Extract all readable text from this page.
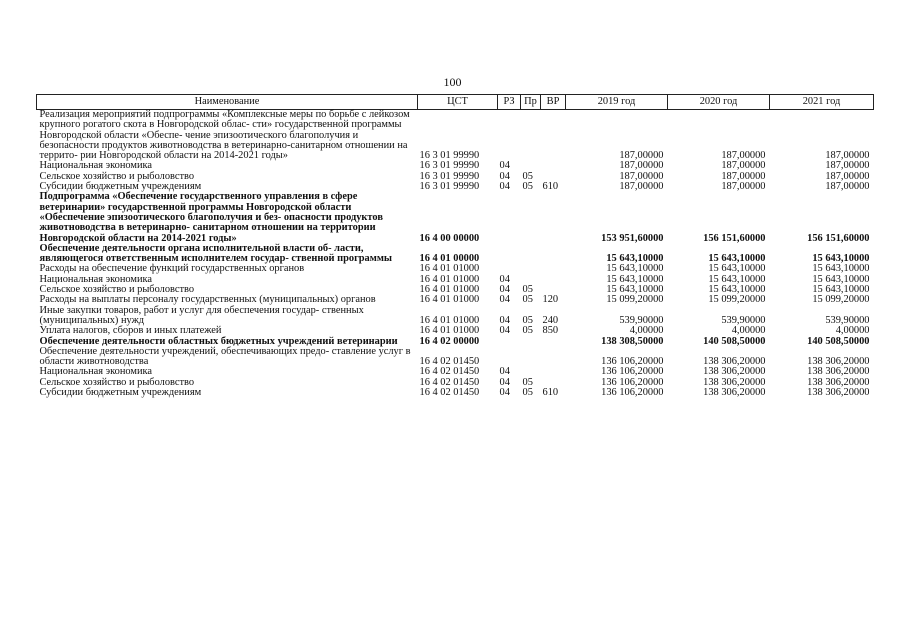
100
Наименование	ЦСТ	РЗ	Пр	ВР	2019 год	2020 год	2021 год
Реализация мероприятий подпрограммы «Комплексные меры по борьбе с лейкозом крупного рогатого скота в Новгородской облас- сти» государственной программы Новгородской области «Обеспе- чение эпизоотического благополучия и безопасности продуктов животноводства в ветеринарно-санитарном отношении на террито- рии Новгородской области на 2014-2021 годы»	16 3 01 99990				187,00000	187,00000	187,00000
Национальная экономика	16 3 01 99990	04			187,00000	187,00000	187,00000
Сельское хозяйство и рыболовство	16 3 01 99990	04	05		187,00000	187,00000	187,00000
Субсидии бюджетным учреждениям	16 3 01 99990	04	05	610	187,00000	187,00000	187,00000
Подпрограмма «Обеспечение государственного управления в сфере ветеринарии» государственной программы Новгородской области «Обеспечение эпизоотического благополучия и без- опасности продуктов животноводства в ветеринарно- санитарном отношении на территории Новгородской области на 2014-2021 годы»	16 4 00 00000				153 951,60000	156 151,60000	156 151,60000
Обеспечение деятельности органа исполнительной власти об- ласти, являющегося ответственным исполнителем государ- ственной программы	16 4 01 00000				15 643,10000	15 643,10000	15 643,10000
Расходы на обеспечение функций государственных органов	16 4 01 01000				15 643,10000	15 643,10000	15 643,10000
Национальная экономика	16 4 01 01000	04			15 643,10000	15 643,10000	15 643,10000
Сельское хозяйство и рыболовство	16 4 01 01000	04	05		15 643,10000	15 643,10000	15 643,10000
Расходы на выплаты персоналу государственных (муниципальных) органов	16 4 01 01000	04	05	120	15 099,20000	15 099,20000	15 099,20000
Иные закупки товаров, работ и услуг для обеспечения государ- ственных (муниципальных) нужд	16 4 01 01000	04	05	240	539,90000	539,90000	539,90000
Уплата налогов, сборов и иных платежей	16 4 01 01000	04	05	850	4,00000	4,00000	4,00000
Обеспечение деятельности областных бюджетных учреждений ветеринарии	16 4 02 00000				138 308,50000	140 508,50000	140 508,50000
Обеспечение деятельности учреждений, обеспечивающих предо- ставление услуг в области животноводства	16 4 02 01450				136 106,20000	138 306,20000	138 306,20000
Национальная экономика	16 4 02 01450	04			136 106,20000	138 306,20000	138 306,20000
Сельское хозяйство и рыболовство	16 4 02 01450	04	05		136 106,20000	138 306,20000	138 306,20000
Субсидии бюджетным учреждениям	16 4 02 01450	04	05	610	136 106,20000	138 306,20000	138 306,20000
